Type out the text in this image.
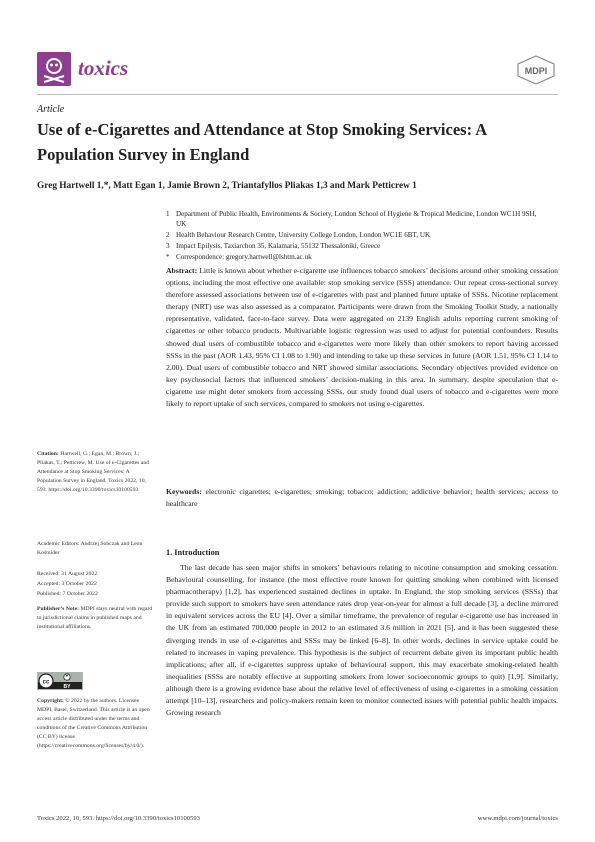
toxics	MDPI
Article
Use of e-Cigarettes and Attendance at Stop Smoking Services: A Population Survey in England
Greg Hartwell 1,*, Matt Egan 1, Jamie Brown 2, Triantafyllos Pliakas 1,3 and Mark Petticrew 1
1 Department of Public Health, Environments & Society, London School of Hygiene & Tropical Medicine, London WC1H 9SH, UK
2 Health Behaviour Research Centre, University College London, London WC1E 6BT, UK
3 Impact Epilysis, Taxiarchon 35, Kalamaria, 55132 Thessaloniki, Greece
* Correspondence: gregory.hartwell@lshtm.ac.uk
Abstract: Little is known about whether e-cigarette use influences tobacco smokers’ decisions around other smoking cessation options, including the most effective one available: stop smoking service (SSS) attendance. Our repeat cross-sectional survey therefore assessed associations between use of e-cigarettes with past and planned future uptake of SSSs. Nicotine replacement therapy (NRT) use was also assessed as a comparator. Participants were drawn from the Smoking Toolkit Study, a nationally representative, validated, face-to-face survey. Data were aggregated on 2139 English adults reporting current smoking of cigarettes or other tobacco products. Multivariable logistic regression was used to adjust for potential confounders. Results showed dual users of combustible tobacco and e-cigarettes were more likely than other smokers to report having accessed SSSs in the past (AOR 1.43, 95% CI 1.08 to 1.90) and intending to take up these services in future (AOR 1.51, 95% CI 1.14 to 2.00). Dual users of combustible tobacco and NRT showed similar associations. Secondary objectives provided evidence on key psychosocial factors that influenced smokers’ decision-making in this area. In summary, despite speculation that e-cigarette use might deter smokers from accessing SSSs, our study found dual users of tobacco and e-cigarettes were more likely to report uptake of such services, compared to smokers not using e-cigarettes.
Keywords: electronic cigarettes; e-cigarettes; smoking; tobacco; addiction; addictive behavior; health services; access to healthcare
1. Introduction
The last decade has seen major shifts in smokers’ behaviours relating to nicotine consumption and smoking cessation. Behavioural counselling, for instance (the most effective route known for quitting smoking when combined with licensed pharmacotherapy) [1,2], has experienced sustained declines in uptake. In England, the stop smoking services (SSSs) that provide such support to smokers have seen attendance rates drop year-on-year for almost a full decade [3], a decline mirrored in equivalent services across the EU [4]. Over a similar timeframe, the prevalence of regular e-cigarette use has increased in the UK from an estimated 700,000 people in 2012 to an estimated 3.6 million in 2021 [5], and it has been suggested these diverging trends in use of e-cigarettes and SSSs may be linked [6–8]. In other words, declines in service uptake could be related to increases in vaping prevalence. This hypothesis is the subject of recurrent debate given its important public health implications; after all, if e-cigarettes suppress uptake of behavioural support, this may exacerbate smoking-related health inequalities (SSSs are notably effective at supporting smokers from lower socioeconomic groups to quit) [1,9]. Similarly, although there is a growing evidence base about the relative level of effectiveness of using e-cigarettes in a smoking cessation attempt [10–13], researchers and policy-makers remain keen to monitor connected issues with potential public health impacts. Growing research
Citation: Hartwell, G.; Egan, M.; Brown, J.; Pliakas, T.; Petticrew, M. Use of e-Cigarettes and Attendance at Stop Smoking Services: A Population Survey in England. Toxics 2022, 10, 593. https://doi.org/10.3390/toxics10100593
Academic Editors: Andrzej Sobczak and Leon Kośmider
Received: 31 August 2022
Accepted: 3 October 2022
Published: 7 October 2022
Publisher’s Note: MDPI stays neutral with regard to jurisdictional claims in published maps and institutional affiliations.
cc
BY
Copyright: © 2022 by the authors. Licensee MDPI, Basel, Switzerland. This article is an open access article distributed under the terms and conditions of the Creative Commons Attribution (CC BY) license (https://creativecommons.org/licenses/by/4.0/).
Toxics 2022, 10, 593. https://doi.org/10.3390/toxics10100593	www.mdpi.com/journal/toxics
